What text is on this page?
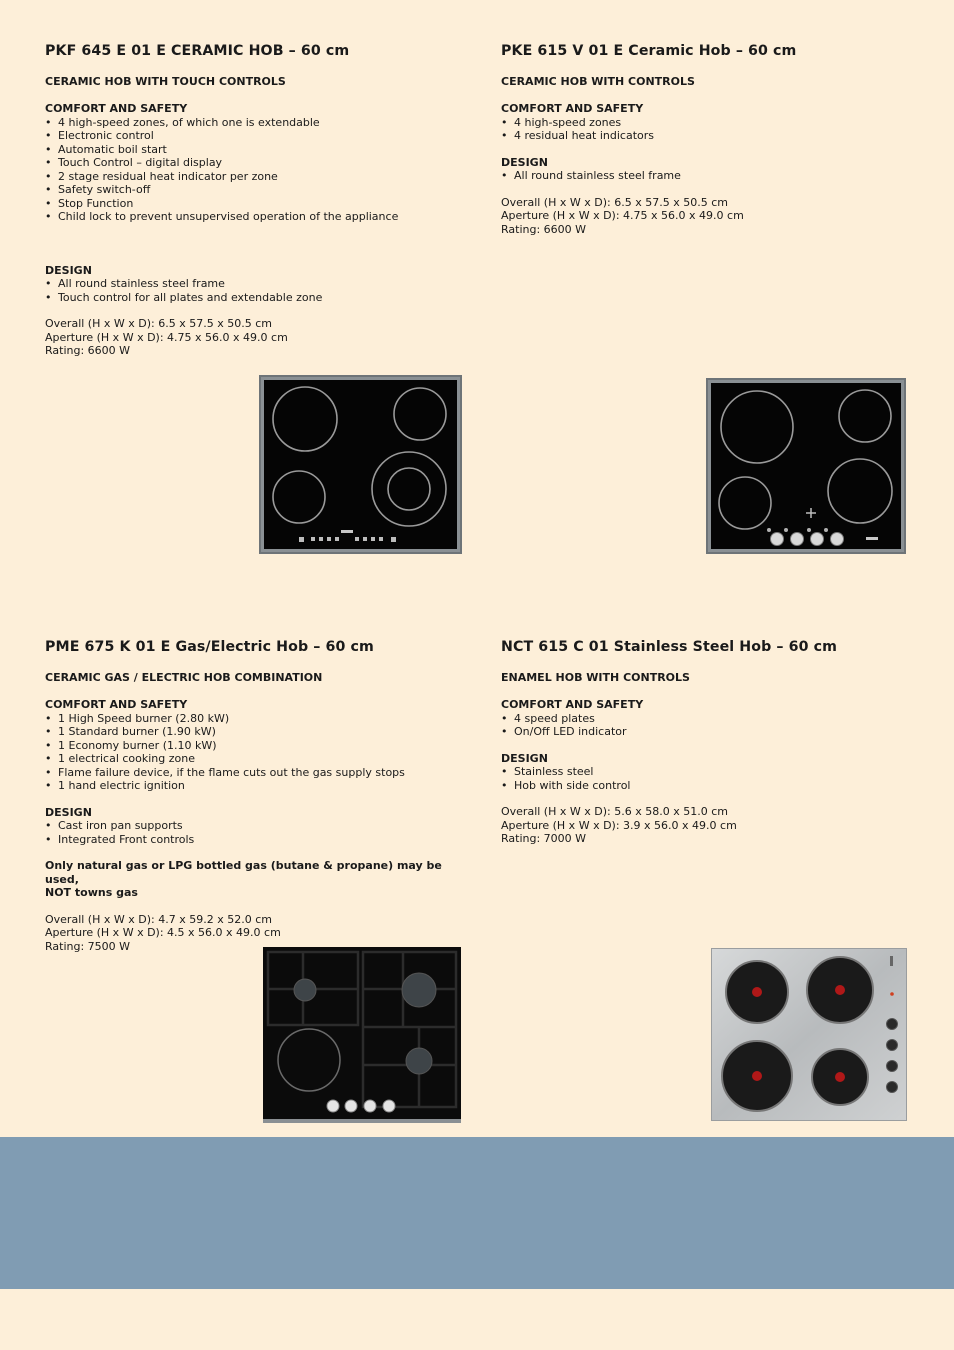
PKF 645 E 01 E CERAMIC HOB – 60 cm
CERAMIC HOB WITH TOUCH CONTROLS
COMFORT AND SAFETY
• 4 high-speed zones, of which one is extendable
• Electronic control
• Automatic boil start
• Touch Control – digital display
• 2 stage residual heat indicator per zone
• Safety switch-off
• Stop Function
• Child lock to prevent unsupervised operation of the appliance
DESIGN
• All round stainless steel frame
• Touch control for all plates and extendable zone
Overall (H x W x D): 6.5 x 57.5 x 50.5 cm
Aperture (H x W x D): 4.75 x 56.0 x 49.0 cm
Rating: 6600 W
PKE 615 V 01 E Ceramic Hob – 60 cm
CERAMIC HOB WITH CONTROLS
COMFORT AND SAFETY
• 4 high-speed zones
• 4 residual heat indicators
DESIGN
• All round stainless steel frame
Overall (H x W x D): 6.5 x 57.5 x 50.5 cm
Aperture (H x W x D): 4.75 x 56.0 x 49.0 cm
Rating: 6600 W
PME 675 K 01 E Gas/Electric Hob – 60 cm
CERAMIC GAS / ELECTRIC HOB COMBINATION
COMFORT AND SAFETY
• 1 High Speed burner (2.80 kW)
• 1 Standard burner (1.90 kW)
• 1 Economy burner (1.10 kW)
• 1 electrical cooking zone
• Flame failure device, if the flame cuts out the gas supply stops
• 1 hand electric ignition
DESIGN
• Cast iron pan supports
• Integrated Front controls
Only natural gas or LPG bottled gas (butane & propane) may be used,
NOT towns gas
Overall (H x W x D): 4.7 x 59.2 x 52.0 cm
Aperture (H x W x D): 4.5 x 56.0 x 49.0 cm
Rating: 7500 W
NCT 615 C 01 Stainless Steel Hob – 60 cm
ENAMEL HOB WITH CONTROLS
COMFORT AND SAFETY
• 4 speed plates
• On/Off LED indicator
DESIGN
• Stainless steel
• Hob with side control
Overall (H x W x D): 5.6 x 58.0 x 51.0 cm
Aperture (H x W x D): 3.9 x 56.0 x 49.0 cm
Rating: 7000 W
